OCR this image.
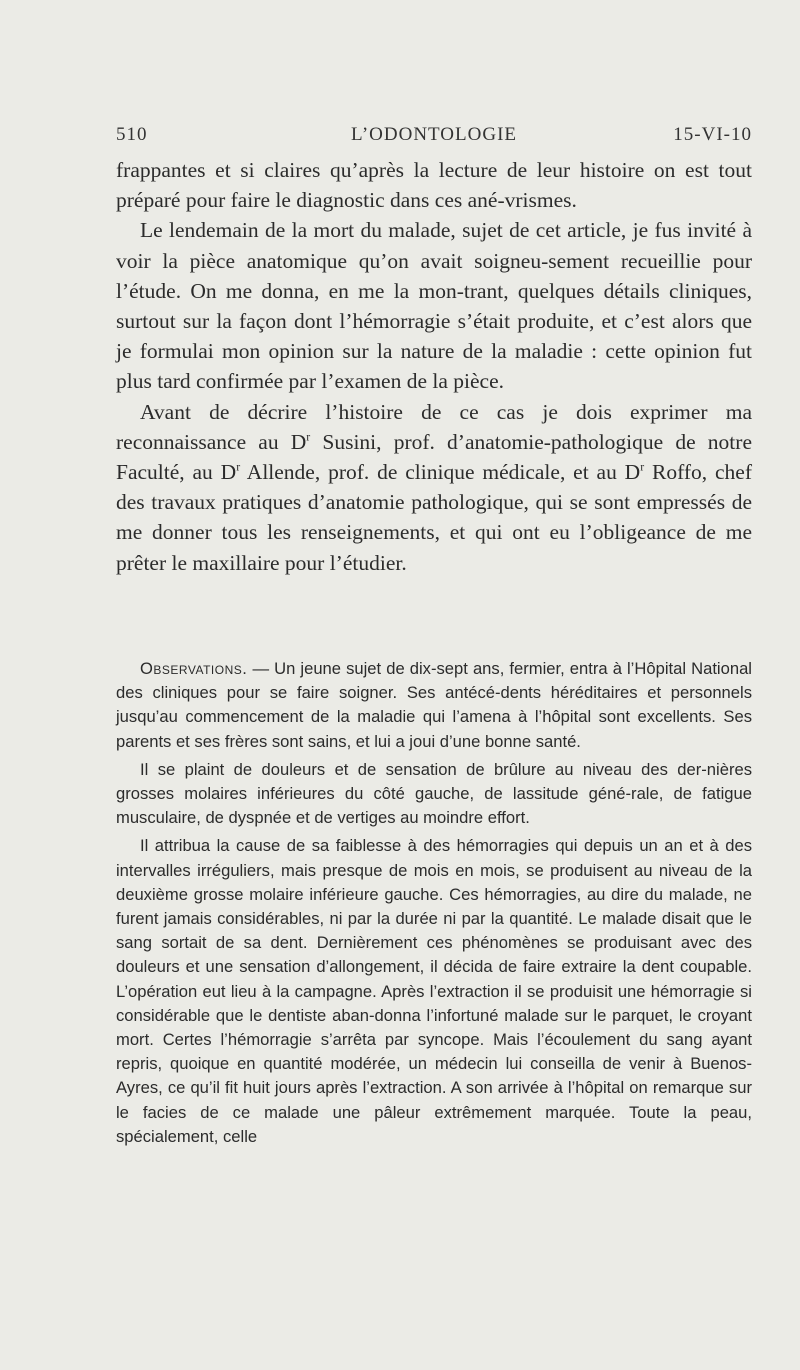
510	L’ODONTOLOGIE	15-VI-10

frappantes et si claires qu’après la lecture de leur histoire on est tout préparé pour faire le diagnostic dans ces ané-vrismes.

Le lendemain de la mort du malade, sujet de cet article, je fus invité à voir la pièce anatomique qu’on avait soigneu-sement recueillie pour l’étude. On me donna, en me la mon-trant, quelques détails cliniques, surtout sur la façon dont l’hémorragie s’était produite, et c’est alors que je formulai mon opinion sur la nature de la maladie : cette opinion fut plus tard confirmée par l’examen de la pièce.

Avant de décrire l’histoire de ce cas je dois exprimer ma reconnaissance au $D^r$ Susini, prof. d’anatomie-pathologique de notre Faculté, au $D^r$ Allende, prof. de clinique médicale, et au $D^r$ Roffo, chef des travaux pratiques d’anatomie pathologique, qui se sont empressés de me donner tous les renseignements, et qui ont eu l’obligeance de me prêter le maxillaire pour l’étudier.

Observations. — Un jeune sujet de dix-sept ans, fermier, entra à l’Hôpital National des cliniques pour se faire soigner. Ses antécé-dents héréditaires et personnels jusqu’au commencement de la maladie qui l’amena à l’hôpital sont excellents. Ses parents et ses frères sont sains, et lui a joui d’une bonne santé.

Il se plaint de douleurs et de sensation de brûlure au niveau des der-nières grosses molaires inférieures du côté gauche, de lassitude géné-rale, de fatigue musculaire, de dyspnée et de vertiges au moindre effort.

Il attribua la cause de sa faiblesse à des hémorragies qui depuis un an et à des intervalles irréguliers, mais presque de mois en mois, se produisent au niveau de la deuxième grosse molaire inférieure gauche. Ces hémorragies, au dire du malade, ne furent jamais considérables, ni par la durée ni par la quantité. Le malade disait que le sang sortait de sa dent. Dernièrement ces phénomènes se produisant avec des douleurs et une sensation d’allongement, il décida de faire extraire la dent coupable. L’opération eut lieu à la campagne. Après l’extraction il se produisit une hémorragie si considérable que le dentiste aban-donna l’infortuné malade sur le parquet, le croyant mort. Certes l’hémorragie s’arrêta par syncope. Mais l’écoulement du sang ayant repris, quoique en quantité modérée, un médecin lui conseilla de venir à Buenos-Ayres, ce qu’il fit huit jours après l’extraction. A son arrivée à l’hôpital on remarque sur le facies de ce malade une pâleur extrêmement marquée. Toute la peau, spécialement, celle
